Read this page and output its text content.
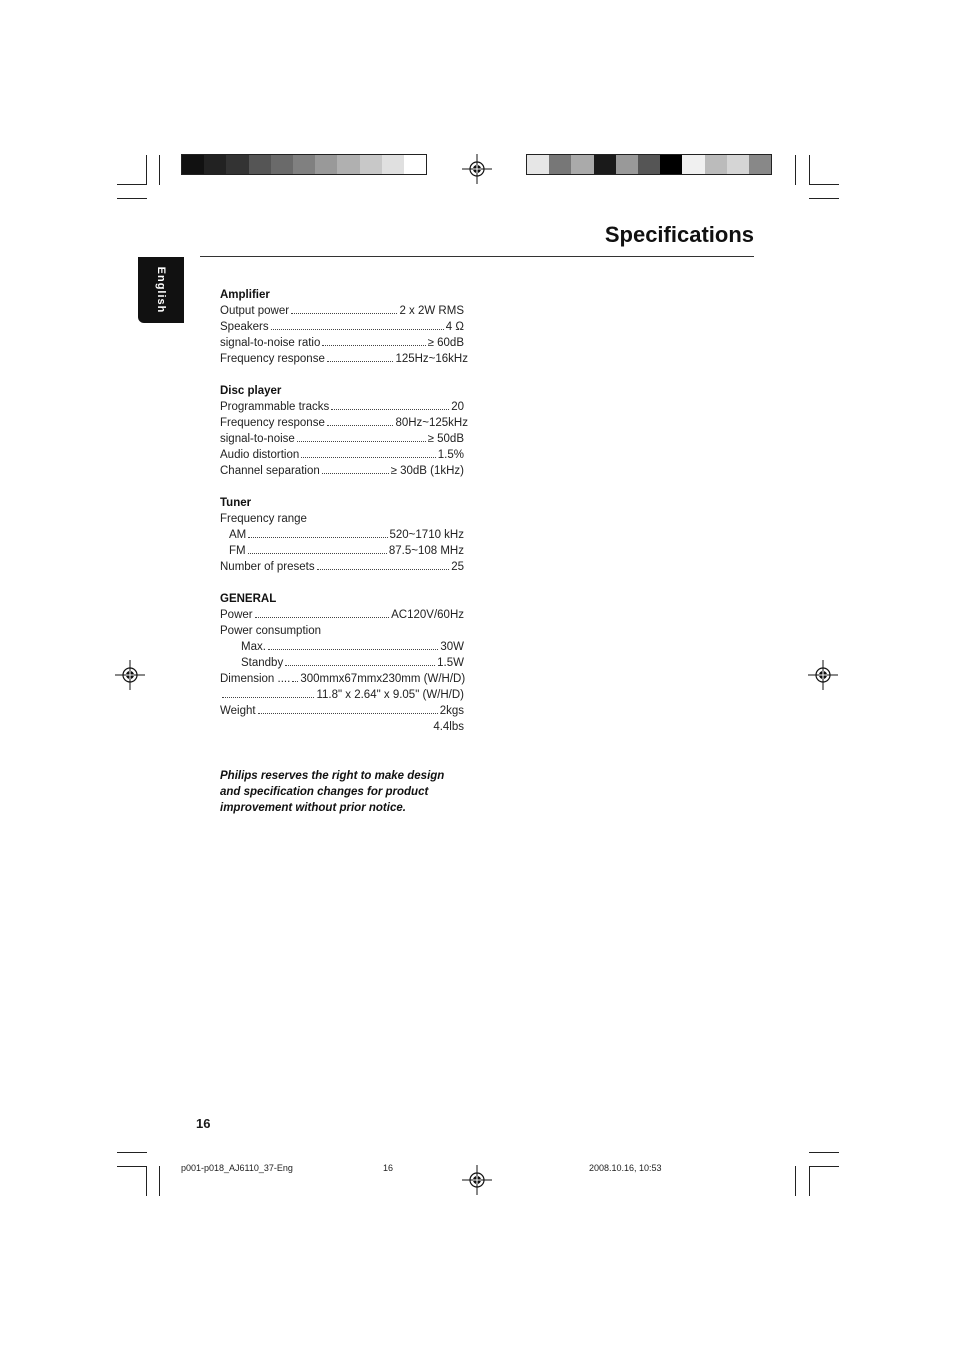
Specifications
English	Amplifier
Output power	2 x 2W RMS
Speakers	4 Ω
signal-to-noise ratio	≥ 60dB
Frequency response	125Hz~16kHz
Disc player
Programmable tracks	20
Frequency response	80Hz~125kHz
signal-to-noise	≥ 50dB
Audio distortion	1.5%
Channel separation	≥ 30dB (1kHz)
Tuner
Frequency range
AM	520~1710 kHz
FM	87.5~108 MHz
Number of presets	25
GENERAL
Power	AC120V/60Hz
Power consumption
Max.	30W
Standby	1.5W
Dimension .... 300mmx67mmx230mm (W/H/D)
11.8" x 2.64" x 9.05" (W/H/D)
Weight	2kgs
4.4lbs
Philips reserves the right to make design and specification changes for product improvement without prior notice.
16
p001-p018_AJ6110_37-Eng	16	2008.10.16, 10:53
